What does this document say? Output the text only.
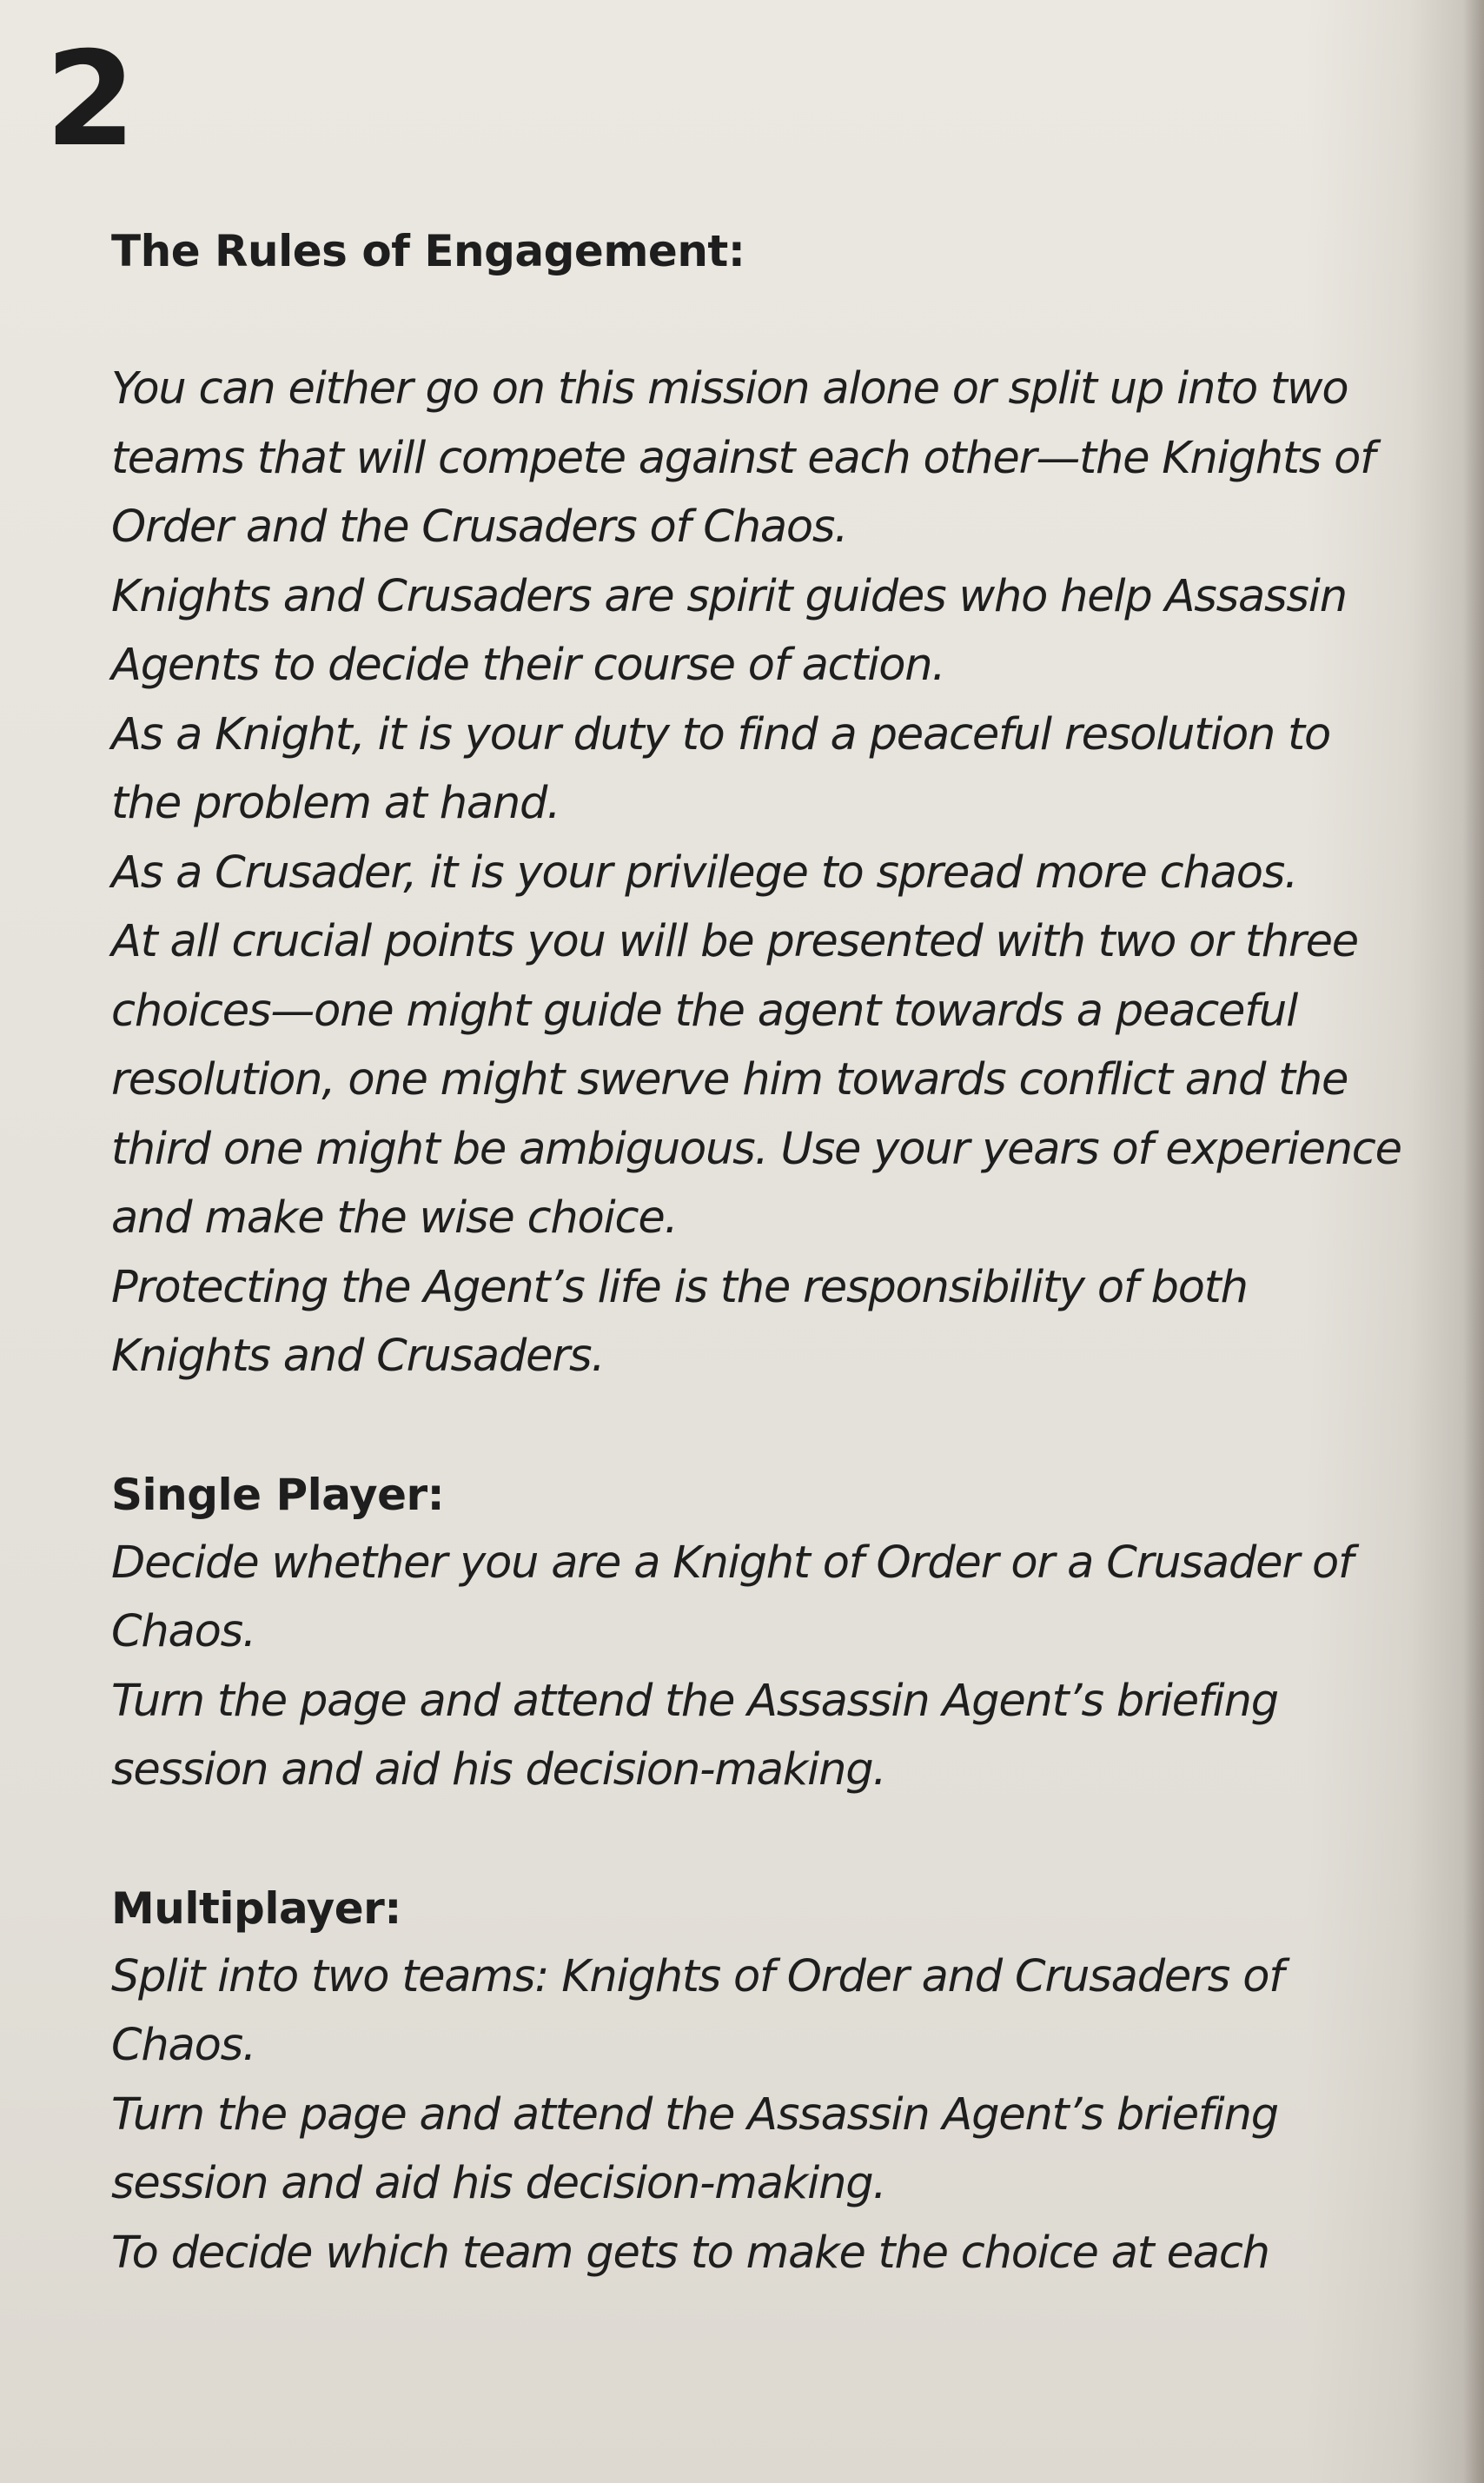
2
The Rules of Engagement:

You can either go on this mission alone or split up into two

teams that will compete against each other—the Knights of

Order and the Crusaders of Chaos.

Knights and Crusaders are spirit guides who help Assassin

Agents to decide their course of action.

As a Knight, it is your duty to find a peaceful resolution to

the problem at hand.

As a Crusader, it is your privilege to spread more chaos.

At all crucial points you will be presented with two or three

choices—one might guide the agent towards a peaceful

resolution, one might swerve him towards conflict and the

third one might be ambiguous. Use your years of experience

and make the wise choice.

Protecting the Agent’s life is the responsibility of both

Knights and Crusaders.

Single Player:

Decide whether you are a Knight of Order or a Crusader of

Chaos.

Turn the page and attend the Assassin Agent’s briefing

session and aid his decision-making.

Multiplayer:

Split into two teams: Knights of Order and Crusaders of

Chaos.

Turn the page and attend the Assassin Agent’s briefing

session and aid his decision-making.

To decide which team gets to make the choice at each
